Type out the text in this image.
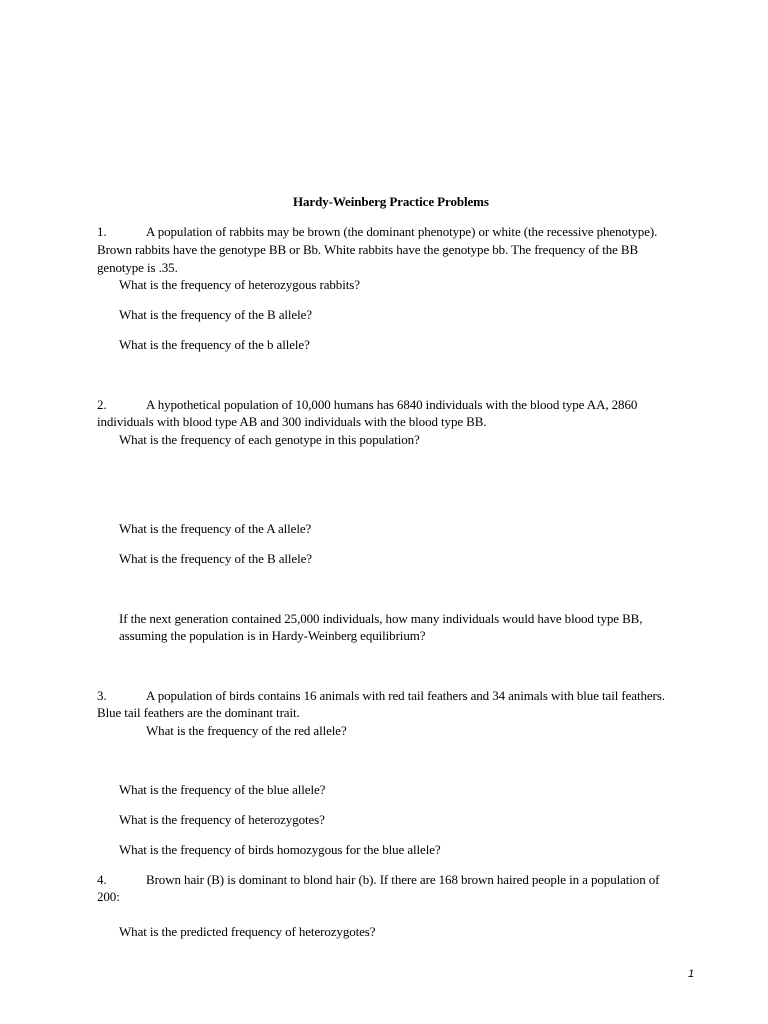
Hardy-Weinberg Practice Problems
1.	A population of rabbits may be brown (the dominant phenotype) or white (the recessive phenotype).
Brown rabbits have the genotype BB or Bb. White rabbits have the genotype bb. The frequency of the BB
genotype is .35.
What is the frequency of heterozygous rabbits?
What is the frequency of the B allele?
What is the frequency of the b allele?
2.	A hypothetical population of 10,000 humans has 6840 individuals with the blood type AA, 2860
individuals with blood type AB and 300 individuals with the blood type BB.
What is the frequency of each genotype in this population?
What is the frequency of the A allele?
What is the frequency of the B allele?
If the next generation contained 25,000 individuals, how many individuals would have blood type BB,
assuming the population is in Hardy-Weinberg equilibrium?
3.	A population of birds contains 16 animals with red tail feathers and 34 animals with blue tail feathers.
Blue tail feathers are the dominant trait.
What is the frequency of the red allele?
What is the frequency of the blue allele?
What is the frequency of heterozygotes?
What is the frequency of birds homozygous for the blue allele?
4.	Brown hair (B) is dominant to blond hair (b). If there are 168 brown haired people in a population of
200:
What is the predicted frequency of heterozygotes?
1
